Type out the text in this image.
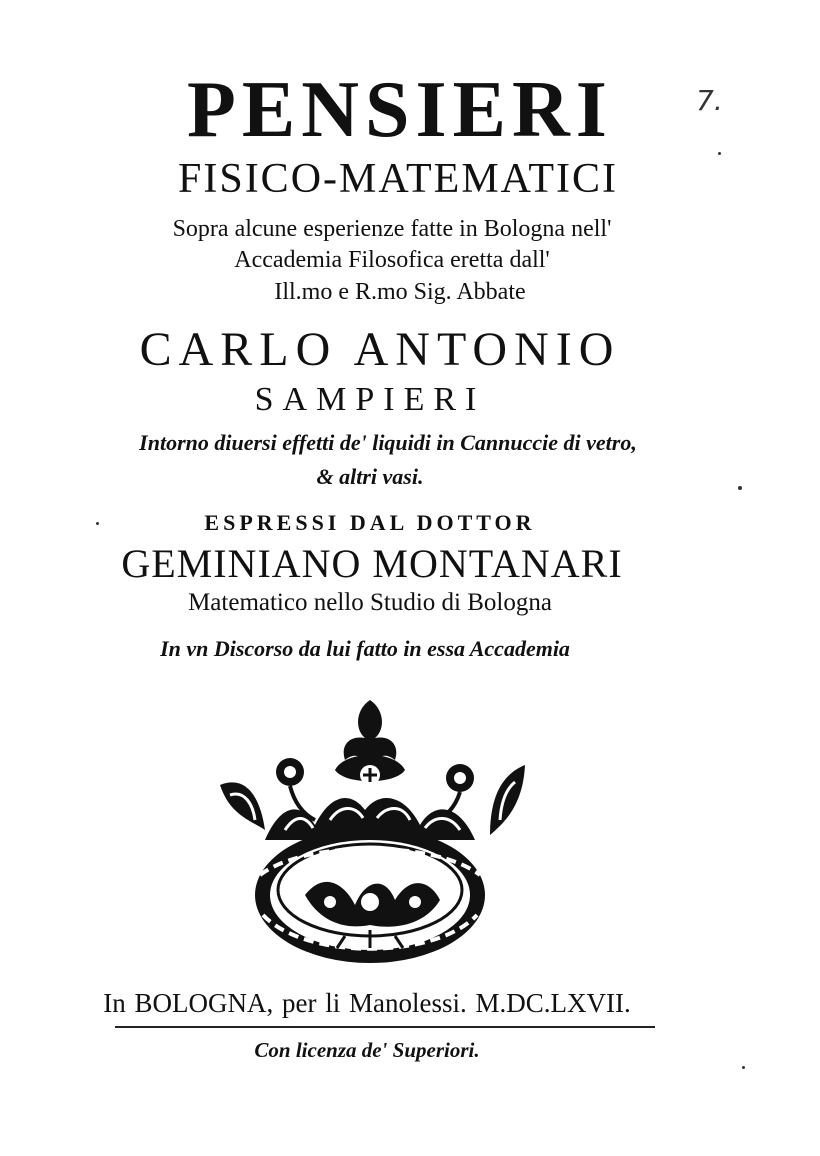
7.
PENSIERI
FISICO-MATEMATICI
Sopra alcune esperienze fatte in Bologna nell'
Accademia Filosofica eretta dall'
Ill.mo e R.mo Sig. Abbate
CARLO ANTONIO
SAMPIERI
Intorno diuersi effetti de' liquidi in Cannuccie di vetro,
& altri vasi.
ESPRESSI DAL DOTTOR
GEMINIANO MONTANARI
Matematico nello Studio di Bologna
In vn Discorso da lui fatto in essa Accademia
In BOLOGNA, per li Manolessi. M.DC.LXVII.
Con licenza de' Superiori.
